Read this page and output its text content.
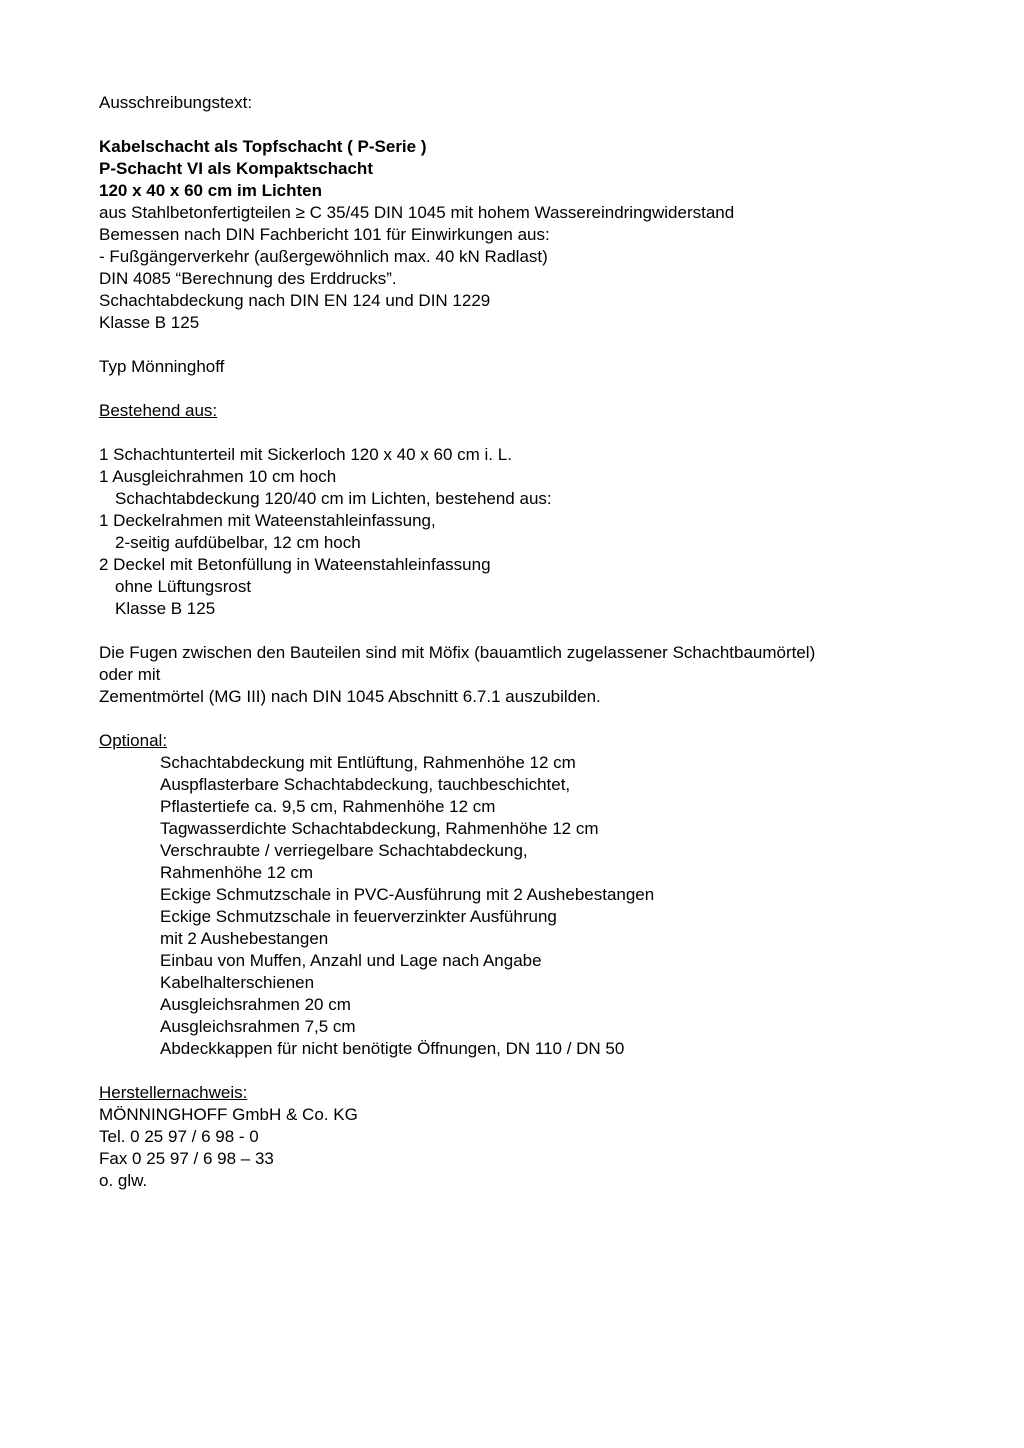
Ausschreibungstext:
Kabelschacht als Topfschacht ( P-Serie )
P-Schacht VI als Kompaktschacht
120 x 40 x 60 cm im Lichten
aus Stahlbetonfertigteilen ≥ C 35/45 DIN 1045 mit hohem Wassereindringwiderstand
Bemessen nach DIN Fachbericht 101 für Einwirkungen aus:
- Fußgängerverkehr (außergewöhnlich max. 40 kN Radlast)
DIN 4085 “Berechnung des Erddrucks”.
Schachtabdeckung nach DIN EN 124 und DIN 1229
Klasse B 125
Typ Mönninghoff
Bestehend aus:
1 Schachtunterteil mit Sickerloch 120 x 40 x 60 cm i. L.
1 Ausgleichrahmen 10 cm hoch
Schachtabdeckung 120/40 cm im Lichten, bestehend aus:
1 Deckelrahmen mit Wateenstahleinfassung,
2-seitig aufdübelbar, 12 cm hoch
2 Deckel mit Betonfüllung in Wateenstahleinfassung
ohne Lüftungsrost
Klasse B 125
Die Fugen zwischen den Bauteilen sind mit Möfix (bauamtlich zugelassener Schachtbaumörtel)
oder mit
Zementmörtel (MG III) nach DIN 1045 Abschnitt 6.7.1 auszubilden.
Optional:
Schachtabdeckung mit Entlüftung, Rahmenhöhe 12 cm
Auspflasterbare Schachtabdeckung, tauchbeschichtet,
Pflastertiefe ca. 9,5 cm, Rahmenhöhe 12 cm
Tagwasserdichte Schachtabdeckung, Rahmenhöhe 12 cm
Verschraubte / verriegelbare Schachtabdeckung,
Rahmenhöhe 12 cm
Eckige Schmutzschale in PVC-Ausführung mit 2 Aushebestangen
Eckige Schmutzschale in feuerverzinkter Ausführung
mit 2 Aushebestangen
Einbau von Muffen, Anzahl und Lage nach Angabe
Kabelhalterschienen
Ausgleichsrahmen 20 cm
Ausgleichsrahmen 7,5 cm
Abdeckkappen für nicht benötigte Öffnungen, DN 110 / DN 50
Herstellernachweis:
MÖNNINGHOFF GmbH & Co. KG
Tel. 0 25 97 / 6 98 - 0
Fax 0 25 97 / 6 98 – 33
o. glw.
